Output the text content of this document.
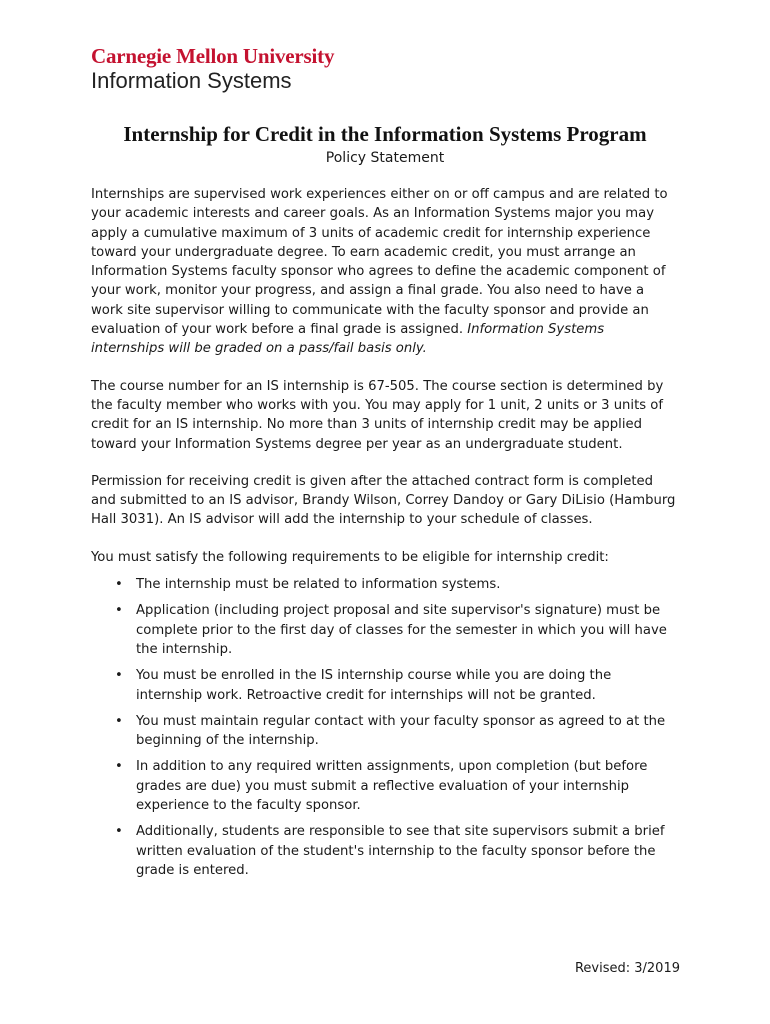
Carnegie Mellon University
Information Systems
Internship for Credit in the Information Systems Program
Policy Statement

Internships are supervised work experiences either on or off campus and are related to your academic interests and career goals. As an Information Systems major you may apply a cumulative maximum of 3 units of academic credit for internship experience toward your undergraduate degree. To earn academic credit, you must arrange an Information Systems faculty sponsor who agrees to define the academic component of your work, monitor your progress, and assign a final grade. You also need to have a work site supervisor willing to communicate with the faculty sponsor and provide an evaluation of your work before a final grade is assigned. Information Systems internships will be graded on a pass/fail basis only.

The course number for an IS internship is 67-505. The course section is determined by the faculty member who works with you. You may apply for 1 unit, 2 units or 3 units of credit for an IS internship. No more than 3 units of internship credit may be applied toward your Information Systems degree per year as an undergraduate student.

Permission for receiving credit is given after the attached contract form is completed and submitted to an IS advisor, Brandy Wilson, Correy Dandoy or Gary DiLisio (Hamburg Hall 3031). An IS advisor will add the internship to your schedule of classes.

You must satisfy the following requirements to be eligible for internship credit:

• The internship must be related to information systems.
• Application (including project proposal and site supervisor's signature) must be complete prior to the first day of classes for the semester in which you will have the internship.
• You must be enrolled in the IS internship course while you are doing the internship work. Retroactive credit for internships will not be granted.
• You must maintain regular contact with your faculty sponsor as agreed to at the beginning of the internship.
• In addition to any required written assignments, upon completion (but before grades are due) you must submit a reflective evaluation of your internship experience to the faculty sponsor.
• Additionally, students are responsible to see that site supervisors submit a brief written evaluation of the student's internship to the faculty sponsor before the grade is entered.
Revised: 3/2019
